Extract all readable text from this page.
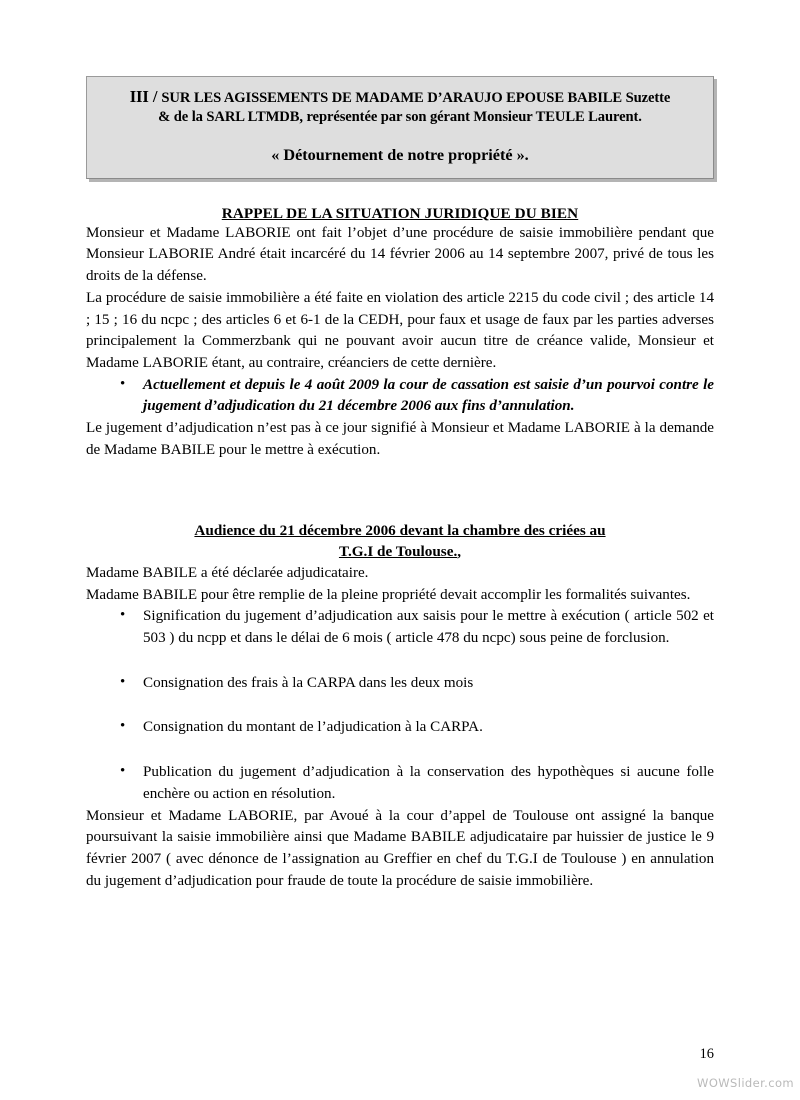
III / SUR LES AGISSEMENTS DE MADAME D’ARAUJO EPOUSE BABILE Suzette
& de la SARL LTMDB, représentée par son gérant Monsieur TEULE Laurent.
« Détournement de notre propriété ».
RAPPEL DE LA SITUATION JURIDIQUE DU BIEN

Monsieur et Madame LABORIE ont fait l’objet d’une procédure de saisie immobilière pendant que Monsieur LABORIE André était incarcéré du 14 février 2006 au 14 septembre 2007, privé de tous les droits de la défense.

La procédure de saisie immobilière a été faite en violation des article 2215 du code civil ; des article 14 ; 15 ; 16 du ncpc ; des articles 6 et 6-1 de la CEDH, pour faux et usage de faux par les parties adverses principalement la Commerzbank qui ne pouvant avoir aucun titre de créance valide, Monsieur et Madame LABORIE étant, au contraire, créanciers de cette dernière.

• Actuellement et depuis le 4 août 2009 la cour de cassation est saisie d’un pourvoi contre le jugement d’adjudication du 21 décembre 2006 aux fins d’annulation.

Le jugement d’adjudication n’est pas à ce jour signifié à Monsieur et Madame LABORIE à la demande de Madame BABILE pour le mettre à exécution.

Audience du 21 décembre 2006 devant la chambre des criées au
T.G.I de Toulouse.,

Madame BABILE a été déclarée adjudicataire.

Madame BABILE pour être remplie de la pleine propriété devait accomplir les formalités suivantes.

• Signification du jugement d’adjudication aux saisis pour le mettre à exécution ( article 502 et 503 ) du ncpp et dans le délai de 6 mois ( article 478 du ncpc) sous peine de forclusion.
• Consignation des frais à la CARPA dans les deux mois
• Consignation du montant de l’adjudication à la CARPA.
• Publication du jugement d’adjudication à la conservation des hypothèques si aucune folle enchère ou action en résolution.

Monsieur et Madame LABORIE, par Avoué à la cour d’appel de Toulouse ont assigné la banque poursuivant la saisie immobilière ainsi que Madame BABILE adjudicataire par huissier de justice le 9 février 2007 ( avec dénonce de l’assignation au Greffier en chef du T.G.I de Toulouse ) en annulation du jugement d’adjudication pour fraude de toute la procédure de saisie immobilière.

16
WOWSlider.com
